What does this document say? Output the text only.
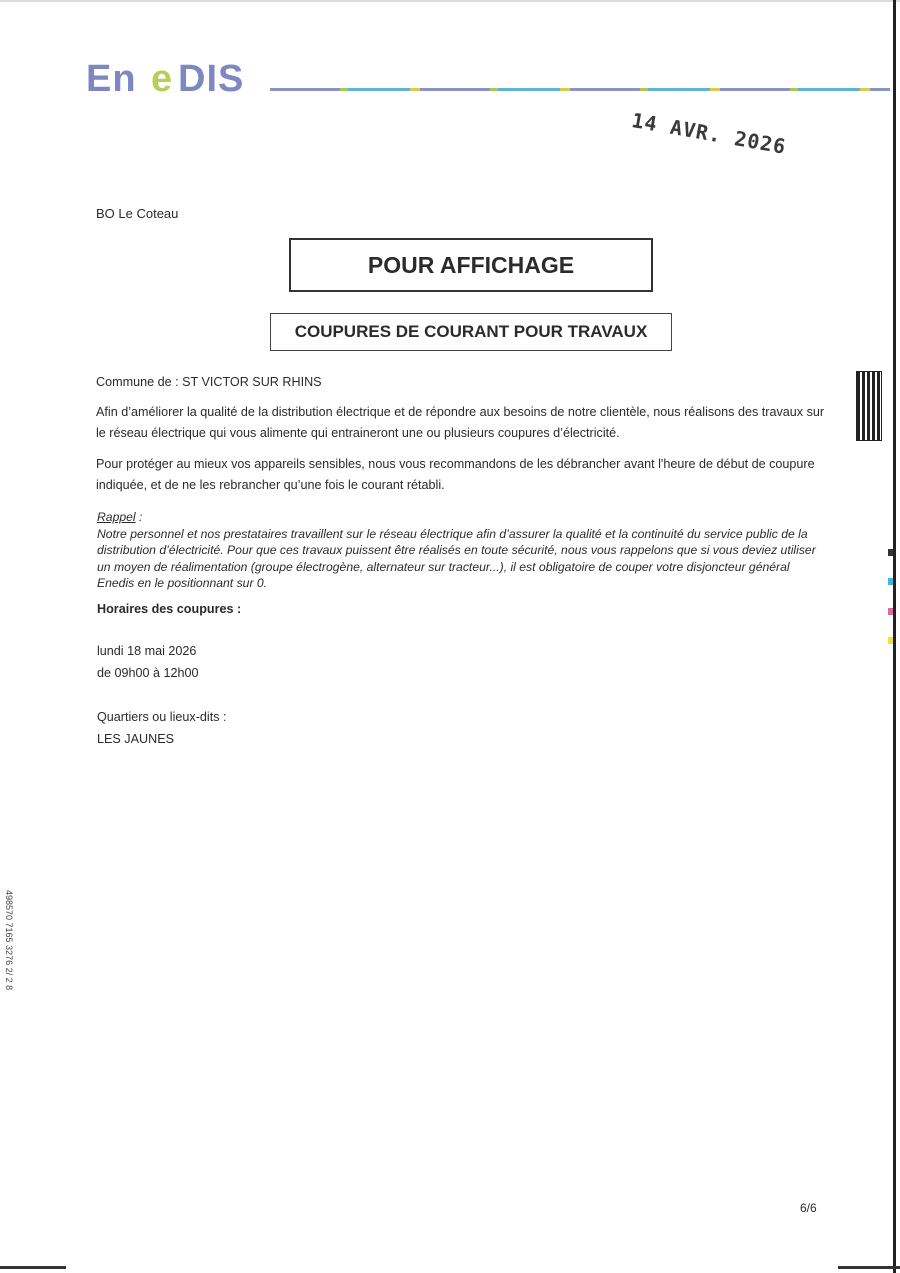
En e DIS
14 AVR. 2026
BO Le Coteau
POUR AFFICHAGE
COUPURES DE COURANT POUR TRAVAUX
Commune de : ST VICTOR SUR RHINS
Afin d’améliorer la qualité de la distribution électrique et de répondre aux besoins de notre clientèle, nous réalisons des travaux sur le réseau électrique qui vous alimente qui entraineront une ou plusieurs coupures d’électricité.
Pour protéger au mieux vos appareils sensibles, nous vous recommandons de les débrancher avant l'heure de début de coupure indiquée, et de ne les rebrancher qu’une fois le courant rétabli.
Rappel :
Notre personnel et nos prestataires travaillent sur le réseau électrique afin d’assurer la qualité et la continuité du service public de la distribution d’électricité. Pour que ces travaux puissent être réalisés en toute sécurité, nous vous rappelons que si vous deviez utiliser un moyen de réalimentation (groupe électrogène, alternateur sur tracteur...), il est obligatoire de couper votre disjoncteur général Enedis en le positionnant sur 0.
Horaires des coupures :
lundi 18 mai 2026
de 09h00 à 12h00
Quartiers ou lieux-dits :
LES JAUNES
6/6
498570 7165 3276 2/ 2 8
